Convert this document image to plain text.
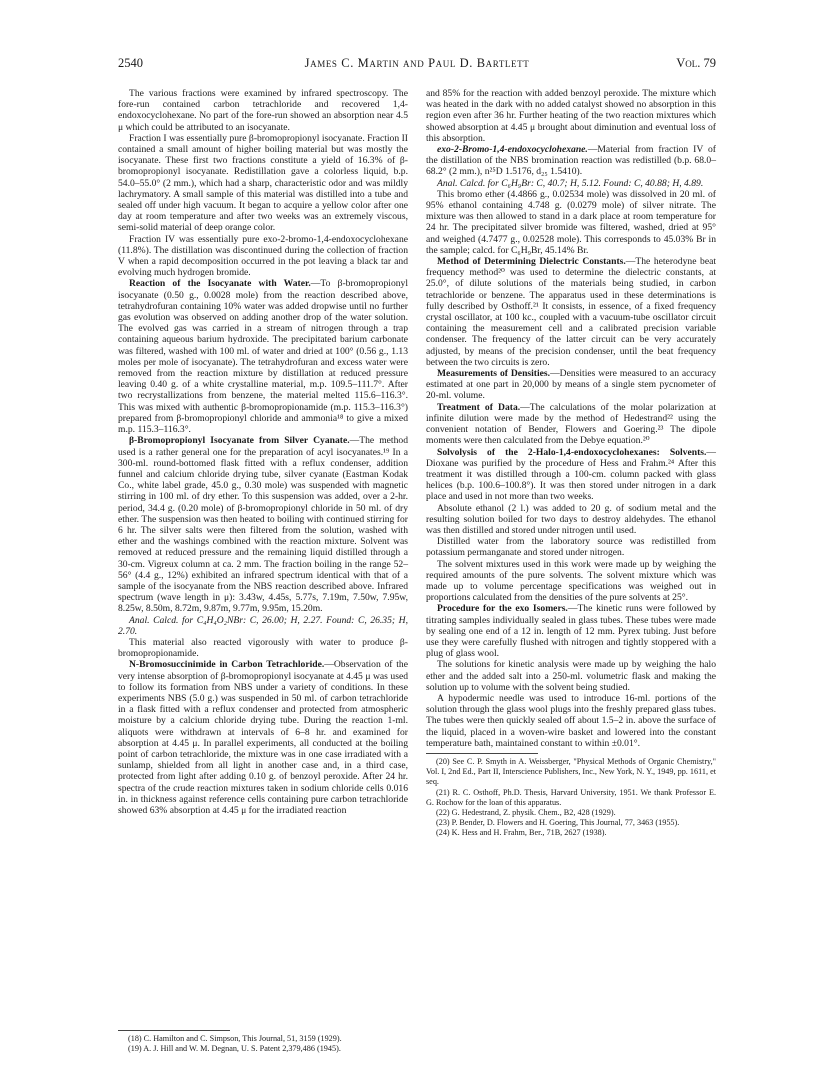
2540	James C. Martin and Paul D. Bartlett	Vol. 79

The various fractions were examined by infrared spectroscopy. The fore-run contained carbon tetrachloride and recovered 1,4-endoxocyclohexane. No part of the fore-run showed an absorption near 4.5 μ which could be attributed to an isocyanate.

Fraction I was essentially pure β-bromopropionyl isocyanate. Fraction II contained a small amount of higher boiling material but was mostly the isocyanate. These first two fractions constitute a yield of 16.3% of β-bromopropionyl isocyanate. Redistillation gave a colorless liquid, b.p. 54.0–55.0° (2 mm.), which had a sharp, characteristic odor and was mildly lachrymatory. A small sample of this material was distilled into a tube and sealed off under high vacuum. It began to acquire a yellow color after one day at room temperature and after two weeks was an extremely viscous, semi-solid material of deep orange color.

Fraction IV was essentially pure exo-2-bromo-1,4-endoxocyclohexane (11.8%). The distillation was discontinued during the collection of fraction V when a rapid decomposition occurred in the pot leaving a black tar and evolving much hydrogen bromide.

Reaction of the Isocyanate with Water.—To β-bromopropionyl isocyanate (0.50 g., 0.0028 mole) from the reaction described above, tetrahydrofuran containing 10% water was added dropwise until no further gas evolution was observed on adding another drop of the water solution. The evolved gas was carried in a stream of nitrogen through a trap containing aqueous barium hydroxide. The precipitated barium carbonate was filtered, washed with 100 ml. of water and dried at 100° (0.56 g., 1.13 moles per mole of isocyanate). The tetrahydrofuran and excess water were removed from the reaction mixture by distillation at reduced pressure leaving 0.40 g. of a white crystalline material, m.p. 109.5–111.7°. After two recrystallizations from benzene, the material melted 115.6–116.3°. This was mixed with authentic β-bromopropionamide (m.p. 115.3–116.3°) prepared from β-bromopropionyl chloride and ammonia¹⁸ to give a mixed m.p. 115.3–116.3°.

β-Bromopropionyl Isocyanate from Silver Cyanate.—The method used is a rather general one for the preparation of acyl isocyanates.¹⁹ In a 300-ml. round-bottomed flask fitted with a reflux condenser, addition funnel and calcium chloride drying tube, silver cyanate (Eastman Kodak Co., white label grade, 45.0 g., 0.30 mole) was suspended with magnetic stirring in 100 ml. of dry ether. To this suspension was added, over a 2-hr. period, 34.4 g. (0.20 mole) of β-bromopropionyl chloride in 50 ml. of dry ether. The suspension was then heated to boiling with continued stirring for 6 hr. The silver salts were then filtered from the solution, washed with ether and the washings combined with the reaction mixture. Solvent was removed at reduced pressure and the remaining liquid distilled through a 30-cm. Vigreux column at ca. 2 mm. The fraction boiling in the range 52–56° (4.4 g., 12%) exhibited an infrared spectrum identical with that of a sample of the isocyanate from the NBS reaction described above. Infrared spectrum (wave length in μ): 3.43w, 4.45s, 5.77s, 7.19m, 7.50w, 7.95w, 8.25w, 8.50m, 8.72m, 9.87m, 9.77m, 9.95m, 15.20m.

Anal. Calcd. for C₄H₄O₂NBr: C, 26.00; H, 2.27. Found: C, 26.35; H, 2.70.

This material also reacted vigorously with water to produce β-bromopropionamide.

N-Bromosuccinimide in Carbon Tetrachloride.—Observation of the very intense absorption of β-bromopropionyl isocyanate at 4.45 μ was used to follow its formation from NBS under a variety of conditions. In these experiments NBS (5.0 g.) was suspended in 50 ml. of carbon tetrachloride in a flask fitted with a reflux condenser and protected from atmospheric moisture by a calcium chloride drying tube. During the reaction 1-ml. aliquots were withdrawn at intervals of 6–8 hr. and examined for absorption at 4.45 μ. In parallel experiments, all conducted at the boiling point of carbon tetrachloride, the mixture was in one case irradiated with a sunlamp, shielded from all light in another case and, in a third case, protected from light after adding 0.10 g. of benzoyl peroxide. After 24 hr. spectra of the crude reaction mixtures taken in sodium chloride cells 0.016 in. in thickness against reference cells containing pure carbon tetrachloride showed 63% absorption at 4.45 μ for the irradiated reaction

(18) C. Hamilton and C. Simpson, This Journal, 51, 3159 (1929).

(19) A. J. Hill and W. M. Degnan, U. S. Patent 2,379,486 (1945).

and 85% for the reaction with added benzoyl peroxide. The mixture which was heated in the dark with no added catalyst showed no absorption in this region even after 36 hr. Further heating of the two reaction mixtures which showed absorption at 4.45 μ brought about diminution and eventual loss of this absorption.

exo-2-Bromo-1,4-endoxocyclohexane.—Material from fraction IV of the distillation of the NBS bromination reaction was redistilled (b.p. 68.0–68.2° (2 mm.), n²⁵D 1.5176, d₂₅ 1.5410).

Anal. Calcd. for C₆H₉Br: C, 40.7; H, 5.12. Found: C, 40.88; H, 4.89.

This bromo ether (4.4866 g., 0.02534 mole) was dissolved in 20 ml. of 95% ethanol containing 4.748 g. (0.0279 mole) of silver nitrate. The mixture was then allowed to stand in a dark place at room temperature for 24 hr. The precipitated silver bromide was filtered, washed, dried at 95° and weighed (4.7477 g., 0.02528 mole). This corresponds to 45.03% Br in the sample; calcd. for C₆H₉Br, 45.14% Br.

Method of Determining Dielectric Constants.—The heterodyne beat frequency method²⁰ was used to determine the dielectric constants, at 25.0°, of dilute solutions of the materials being studied, in carbon tetrachloride or benzene. The apparatus used in these determinations is fully described by Osthoff.²¹ It consists, in essence, of a fixed frequency crystal oscillator, at 100 kc., coupled with a vacuum-tube oscillator circuit containing the measurement cell and a calibrated precision variable condenser. The frequency of the latter circuit can be very accurately adjusted, by means of the precision condenser, until the beat frequency between the two circuits is zero.

Measurements of Densities.—Densities were measured to an accuracy estimated at one part in 20,000 by means of a single stem pycnometer of 20-ml. volume.

Treatment of Data.—The calculations of the molar polarization at infinite dilution were made by the method of Hedestrand²² using the convenient notation of Bender, Flowers and Goering.²³ The dipole moments were then calculated from the Debye equation.²⁰

Solvolysis of the 2-Halo-1,4-endoxocyclohexanes: Solvents.—Dioxane was purified by the procedure of Hess and Frahm.²⁴ After this treatment it was distilled through a 100-cm. column packed with glass helices (b.p. 100.6–100.8°). It was then stored under nitrogen in a dark place and used in not more than two weeks.

Absolute ethanol (2 l.) was added to 20 g. of sodium metal and the resulting solution boiled for two days to destroy aldehydes. The ethanol was then distilled and stored under nitrogen until used.

Distilled water from the laboratory source was redistilled from potassium permanganate and stored under nitrogen.

The solvent mixtures used in this work were made up by weighing the required amounts of the pure solvents. The solvent mixture which was made up to volume percentage specifications was weighed out in proportions calculated from the densities of the pure solvents at 25°.

Procedure for the exo Isomers.—The kinetic runs were followed by titrating samples individually sealed in glass tubes. These tubes were made by sealing one end of a 12 in. length of 12 mm. Pyrex tubing. Just before use they were carefully flushed with nitrogen and tightly stoppered with a plug of glass wool.

The solutions for kinetic analysis were made up by weighing the halo ether and the added salt into a 250-ml. volumetric flask and making the solution up to volume with the solvent being studied.

A hypodermic needle was used to introduce 16-ml. portions of the solution through the glass wool plugs into the freshly prepared glass tubes. The tubes were then quickly sealed off about 1.5–2 in. above the surface of the liquid, placed in a woven-wire basket and lowered into the constant temperature bath, maintained constant to within ±0.01°.

(20) See C. P. Smyth in A. Weissberger, "Physical Methods of Organic Chemistry," Vol. I, 2nd Ed., Part II, Interscience Publishers, Inc., New York, N. Y., 1949, pp. 1611, et seq.

(21) R. C. Osthoff, Ph.D. Thesis, Harvard University, 1951. We thank Professor E. G. Rochow for the loan of this apparatus.

(22) G. Hedestrand, Z. physik. Chem., B2, 428 (1929).

(23) P. Bender, D. Flowers and H. Goering, This Journal, 77, 3463 (1955).

(24) K. Hess and H. Frahm, Ber., 71B, 2627 (1938).
